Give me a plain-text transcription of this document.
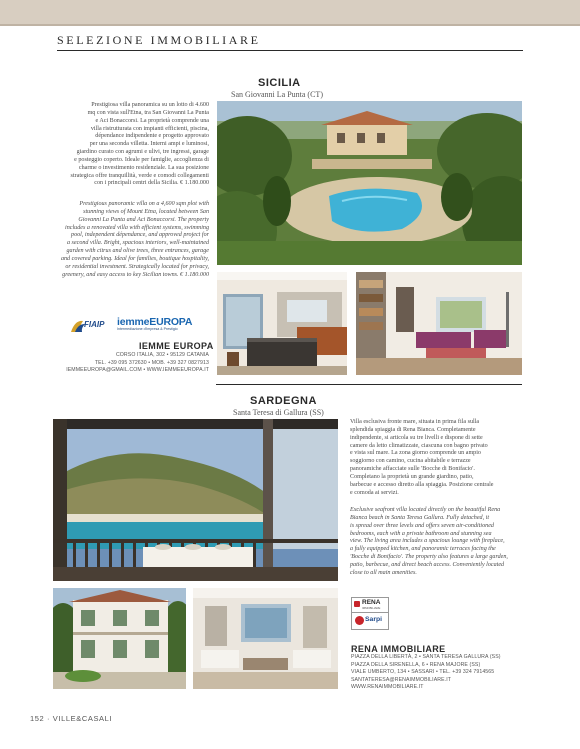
SELEZIONE IMMOBILIARE
SICILIA
San Giovanni La Punta (CT)
Prestigiosa villa panoramica su un lotto di 4.600
mq con vista sull'Etna, tra San Giovanni La Punta
e Aci Bonaccorsi. La proprietà comprende una
villa ristrutturata con impianti efficienti, piscina,
dépendance indipendente e progetto approvato
per una seconda villetta. Interni ampi e luminosi,
giardino curato con agrumi e ulivi, tre ingressi, garage
e posteggio coperto. Ideale per famiglie, accoglienza di
charme o investimento residenziale. La sua posizione
strategica offre tranquillità, verde e comodi collegamenti
con i principali centri della Sicilia. € 1.180.000
Prestigious panoramic villa on a 4,600 sqm plot with
stunning views of Mount Etna, located between San
Giovanni La Punta and Aci Bonaccorsi. The property
includes a renovated villa with efficient systems, swimming
pool, independent dépendance, and approved project for
a second villa. Bright, spacious interiors, well-maintained
garden with citrus and olive trees, three entrances, garage
and covered parking. Ideal for families, boutique hospitality,
or residential investment. Strategically located for privacy,
greenery, and easy access to key Sicilian towns. € 1.180.000
FIAIP iemmeEUROPA
Intermediazione d'Impresa & Prestigio
IEMME EUROPA
CORSO ITALIA, 302 • 95129 CATANIA
TEL. +39 095 372630 • MOB. +39 327 0827913
IEMMEEUROPA@GMAIL.COM • WWW.IEMMEEUROPA.IT
SARDEGNA
Santa Teresa di Gallura (SS)
Villa esclusiva fronte mare, situata in prima fila sulla
splendida spiaggia di Rena Bianca. Completamente
indipendente, si articola su tre livelli e dispone di sette
camere da letto climatizzate, ciascuna con bagno privato
e vista sul mare. La zona giorno comprende un ampio
soggiorno con camino, cucina abitabile e terrazze
panoramiche affacciate sulle 'Bocche di Bonifacio'.
Completano la proprietà un grande giardino, patio,
barbecue e accesso diretto alla spiaggia. Posizione centrale
e comoda ai servizi.
Exclusive seafront villa located directly on the beautiful Rena
Bianca beach in Santa Teresa Gallura. Fully detached, it
is spread over three levels and offers seven air-conditioned
bedrooms, each with a private bathroom and stunning sea
view. The living area includes a spacious lounge with fireplace,
a fully equipped kitchen, and panoramic terraces facing the
'Bocche di Bonifacio'. The property also features a large garden,
patio, barbecue, and direct beach access. Conveniently located
close to all main amenities.
RENA
IMMOBILIARE
Sarpi
RENA IMMOBILIARE
PIAZZA DELLA LIBERTÀ, 2 • SANTA TERESA GALLURA (SS)
PIAZZA DELLA SIRENELLA, 6 • RENA MAJORE (SS)
VIALE UMBERTO, 134 • SASSARI • TEL. +39 324 7914565
SANTATERESA@RENAIMMOBILIARE.IT
WWW.RENAIMMOBILIARE.IT
152 · VILLE&CASALI
